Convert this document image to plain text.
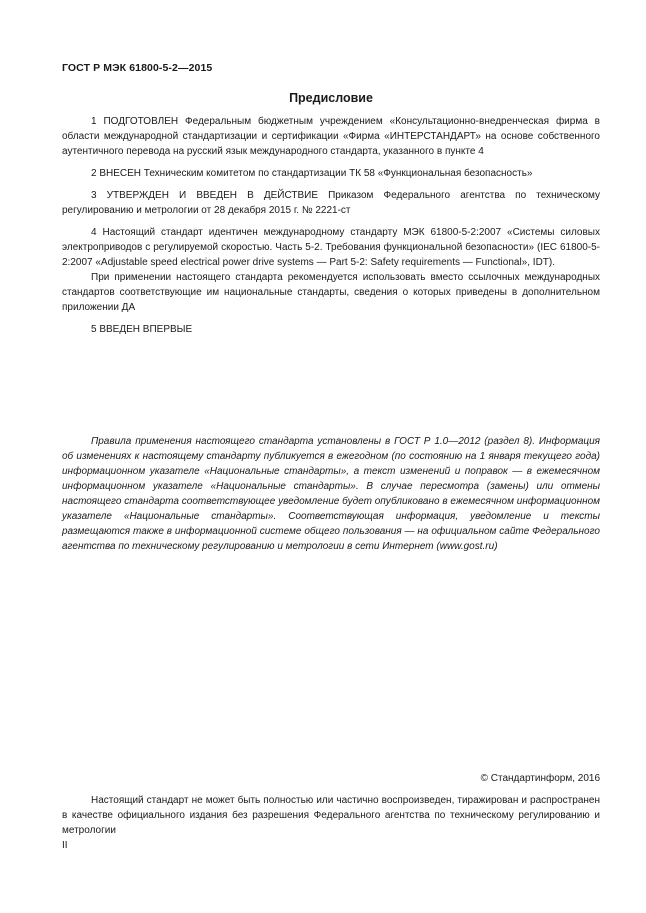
ГОСТ Р МЭК 61800-5-2—2015
Предисловие

1 ПОДГОТОВЛЕН Федеральным бюджетным учреждением «Консультационно-внедренческая фирма в области международной стандартизации и сертификации «Фирма «ИНТЕРСТАНДАРТ» на основе собственного аутентичного перевода на русский язык международного стандарта, указанного в пункте 4

2 ВНЕСЕН Техническим комитетом по стандартизации ТК 58 «Функциональная безопасность»

3 УТВЕРЖДЕН И ВВЕДЕН В ДЕЙСТВИЕ Приказом Федерального агентства по техническому регулированию и метрологии от 28 декабря 2015 г. № 2221-ст

4 Настоящий стандарт идентичен международному стандарту МЭК 61800-5-2:2007 «Системы силовых электроприводов с регулируемой скоростью. Часть 5-2. Требования функциональной безопасности» (IEC 61800-5-2:2007 «Adjustable speed electrical power drive systems — Part 5-2: Safety requirements — Functional», IDT).

При применении настоящего стандарта рекомендуется использовать вместо ссылочных международных стандартов соответствующие им национальные стандарты, сведения о которых приведены в дополнительном приложении ДА

5 ВВЕДЕН ВПЕРВЫЕ

Правила применения настоящего стандарта установлены в ГОСТ Р 1.0—2012 (раздел 8). Информация об изменениях к настоящему стандарту публикуется в ежегодном (по состоянию на 1 января текущего года) информационном указателе «Национальные стандарты», а текст изменений и поправок — в ежемесячном информационном указателе «Национальные стандарты». В случае пересмотра (замены) или отмены настоящего стандарта соответствующее уведомление будет опубликовано в ежемесячном информационном указателе «Национальные стандарты». Соответствующая информация, уведомление и тексты размещаются также в информационной системе общего пользования — на официальном сайте Федерального агентства по техническому регулированию и метрологии в сети Интернет (www.gost.ru)
© Стандартинформ, 2016
Настоящий стандарт не может быть полностью или частично воспроизведен, тиражирован и распространен в качестве официального издания без разрешения Федерального агентства по техническому регулированию и метрологии
II
